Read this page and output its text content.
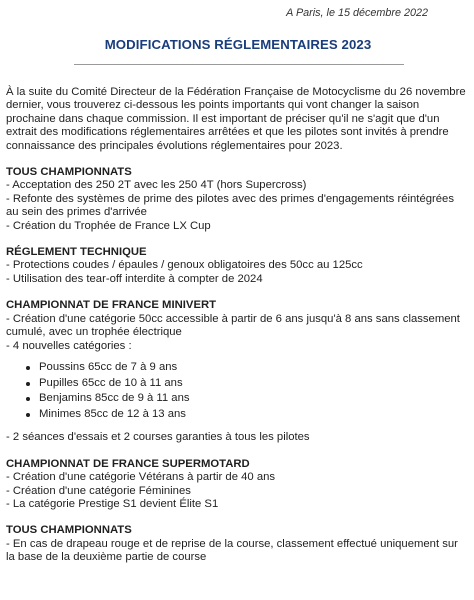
A Paris, le 15 décembre 2022
MODIFICATIONS RÉGLEMENTAIRES 2023

À la suite du Comité Directeur de la Fédération Française de Motocyclisme du 26 novembre dernier, vous trouverez ci-dessous les points importants qui vont changer la saison prochaine dans chaque commission. Il est important de préciser qu'il ne s'agit que d'un extrait des modifications réglementaires arrêtées et que les pilotes sont invités à prendre connaissance des principales évolutions réglementaires pour 2023.

TOUS CHAMPIONNATS

- Acceptation des 250 2T avec les 250 4T (hors Supercross)

- Refonte des systèmes de prime des pilotes avec des primes d'engagements réintégrées au sein des primes d'arrivée

- Création du Trophée de France LX Cup

RÉGLEMENT TECHNIQUE

- Protections coudes / épaules / genoux obligatoires des 50cc au 125cc

- Utilisation des tear-off interdite à compter de 2024

CHAMPIONNAT DE FRANCE MINIVERT

- Création d'une catégorie 50cc accessible à partir de 6 ans jusqu'à 8 ans sans classement cumulé, avec un trophée électrique

- 4 nouvelles catégories :

Poussins 65cc de 7 à 9 ans
Pupilles 65cc de 10 à 11 ans
Benjamins 85cc de 9 à 11 ans
Minimes 85cc de 12 à 13 ans

- 2 séances d'essais et 2 courses garanties à tous les pilotes

CHAMPIONNAT DE FRANCE SUPERMOTARD

- Création d'une catégorie Vétérans à partir de 40 ans

- Création d'une catégorie Féminines

- La catégorie Prestige S1 devient Élite S1

TOUS CHAMPIONNATS

- En cas de drapeau rouge et de reprise de la course, classement effectué uniquement sur la base de la deuxième partie de course
